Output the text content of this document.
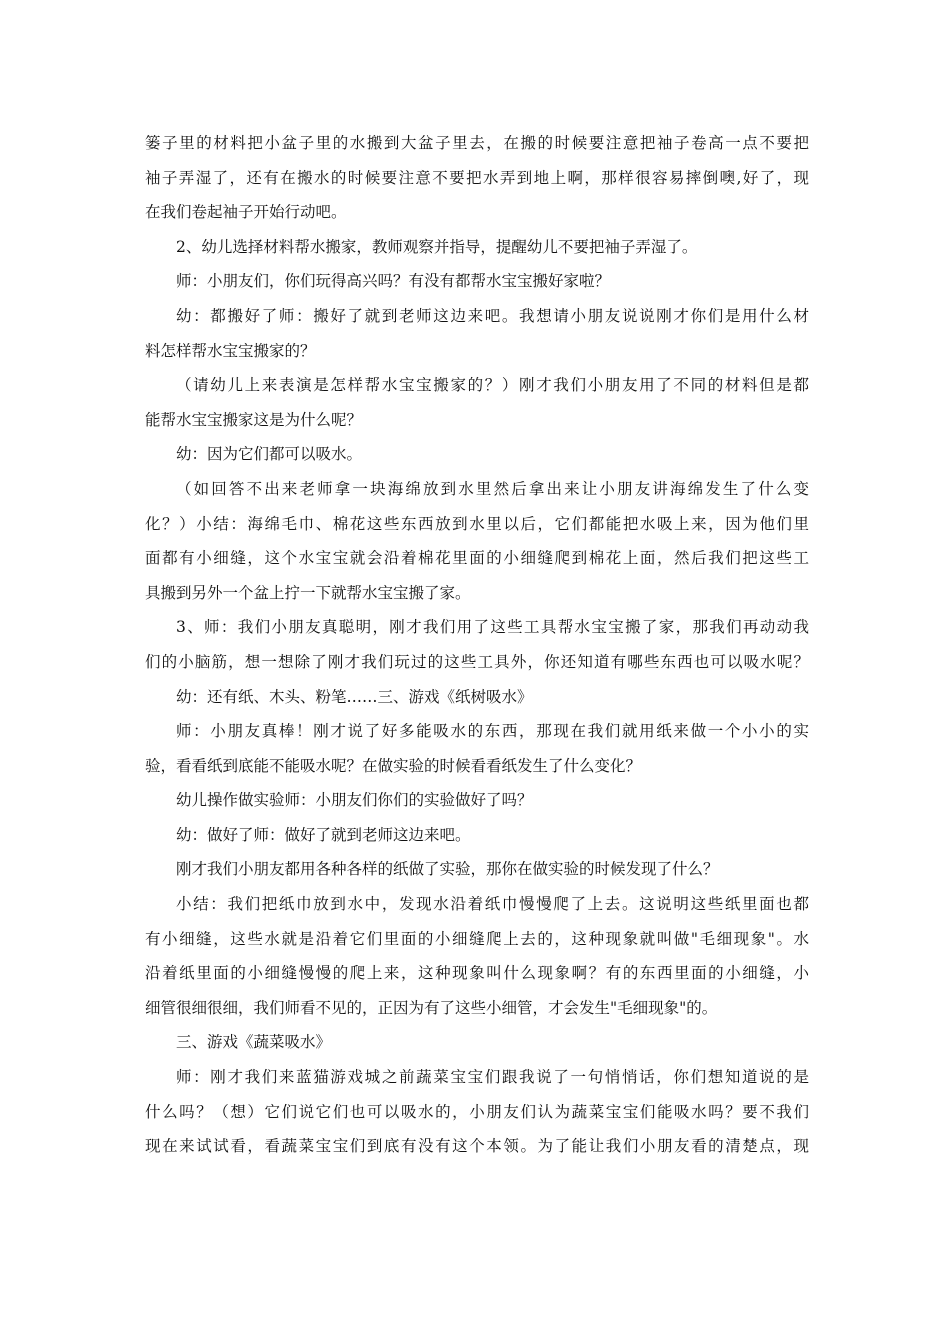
篓子里的材料把小盆子里的水搬到大盆子里去，在搬的时候要注意把袖子卷高一点不要把
袖子弄湿了，还有在搬水的时候要注意不要把水弄到地上啊，那样很容易摔倒噢,好了，现
在我们卷起袖子开始行动吧。
2、幼儿选择材料帮水搬家，教师观察并指导，提醒幼儿不要把袖子弄湿了。
师：小朋友们，你们玩得高兴吗？有没有都帮水宝宝搬好家啦？
幼：都搬好了师：搬好了就到老师这边来吧。我想请小朋友说说刚才你们是用什么材
料怎样帮水宝宝搬家的？
（请幼儿上来表演是怎样帮水宝宝搬家的？）刚才我们小朋友用了不同的材料但是都
能帮水宝宝搬家这是为什么呢？
幼：因为它们都可以吸水。
（如回答不出来老师拿一块海绵放到水里然后拿出来让小朋友讲海绵发生了什么变
化？）小结：海绵毛巾、棉花这些东西放到水里以后，它们都能把水吸上来，因为他们里
面都有小细缝，这个水宝宝就会沿着棉花里面的小细缝爬到棉花上面，然后我们把这些工
具搬到另外一个盆上拧一下就帮水宝宝搬了家。
3、师：我们小朋友真聪明，刚才我们用了这些工具帮水宝宝搬了家，那我们再动动我
们的小脑筋，想一想除了刚才我们玩过的这些工具外，你还知道有哪些东西也可以吸水呢？
幼：还有纸、木头、粉笔……三、游戏《纸树吸水》
师：小朋友真棒！刚才说了好多能吸水的东西，那现在我们就用纸来做一个小小的实
验，看看纸到底能不能吸水呢？在做实验的时候看看纸发生了什么变化？
幼儿操作做实验师：小朋友们你们的实验做好了吗？
幼：做好了师：做好了就到老师这边来吧。
刚才我们小朋友都用各种各样的纸做了实验，那你在做实验的时候发现了什么？
小结：我们把纸巾放到水中，发现水沿着纸巾慢慢爬了上去。这说明这些纸里面也都
有小细缝，这些水就是沿着它们里面的小细缝爬上去的，这种现象就叫做"毛细现象"。水
沿着纸里面的小细缝慢慢的爬上来，这种现象叫什么现象啊？有的东西里面的小细缝，小
细管很细很细，我们师看不见的，正因为有了这些小细管，才会发生"毛细现象"的。
三、游戏《蔬菜吸水》
师：刚才我们来蓝猫游戏城之前蔬菜宝宝们跟我说了一句悄悄话，你们想知道说的是
什么吗？（想）它们说它们也可以吸水的，小朋友们认为蔬菜宝宝们能吸水吗？要不我们
现在来试试看，看蔬菜宝宝们到底有没有这个本领。为了能让我们小朋友看的清楚点，现
